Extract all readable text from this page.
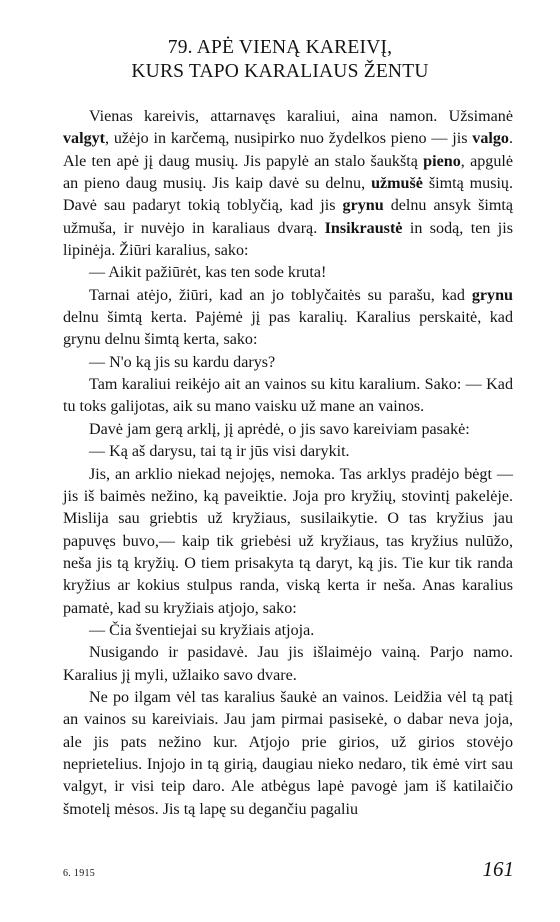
79. APĖ VIENĄ KAREIVĮ,
KURS TAPO KARALIAUS ŽENTU

Vienas kareivis, attarnavęs karaliui, aina namon. Užsimanė valgyt, užėjo in karčemą, nusipirko nuo žydelkos pieno — jis valgo. Ale ten apė jį daug musių. Jis papylė an stalo šaukštą pieno, apgulė an pieno daug musių. Jis kaip davė su delnu, užmušė šimtą musių. Davė sau padaryt tokią toblyčią, kad jis grynu delnu ansyk šimtą užmuša, ir nuvėjo in karaliaus dvarą. Insikraustė in sodą, ten jis lipinėja. Žiūri karalius, sako:

— Aikit pažiūrėt, kas ten sode kruta!

Tarnai atėjo, žiūri, kad an jo toblyčaitės su parašu, kad grynu delnu šimtą kerta. Pajėmė jį pas karalių. Karalius perskaitė, kad grynu delnu šimtą kerta, sako:

— N'o ką jis su kardu darys?

Tam karaliui reikėjo ait an vainos su kitu karalium. Sako: — Kad tu toks galijotas, aik su mano vaisku už mane an vainos.

Davė jam gerą arklį, jį aprėdė, o jis savo kareiviam pasakė:

— Ką aš darysu, tai tą ir jūs visi darykit.

Jis, an arklio niekad nejojęs, nemoka. Tas arklys pradėjo bėgt — jis iš baimės nežino, ką paveiktie. Joja pro kryžių, stovintį pakelėje. Mislija sau griebtis už kryžiaus, susilaikytie. O tas kryžius jau papuvęs buvo,— kaip tik griebėsi už kryžiaus, tas kryžius nulūžo, neša jis tą kryžių. O tiem prisakyta tą daryt, ką jis. Tie kur tik randa kryžius ar kokius stulpus randa, viską kerta ir neša. Anas karalius pamatė, kad su kryžiais atjojo, sako:

— Čia šventiejai su kryžiais atjoja.

Nusigando ir pasidavė. Jau jis išlaimėjo vainą. Parjo namo. Karalius jį myli, užlaiko savo dvare.

Ne po ilgam vėl tas karalius šaukė an vainos. Leidžia vėl tą patį an vainos su kareiviais. Jau jam pirmai pasisekė, o dabar neva joja, ale jis pats nežino kur. Atjojo prie girios, už girios stovėjo neprietelius. Injojo in tą girią, daugiau nieko nedaro, tik ėmė virt sau valgyt, ir visi teip daro. Ale atbėgus lapė pavogė jam iš katilaičio šmotelį mėsos. Jis tą lapę su degančiu pagaliu

6. 1915	161
